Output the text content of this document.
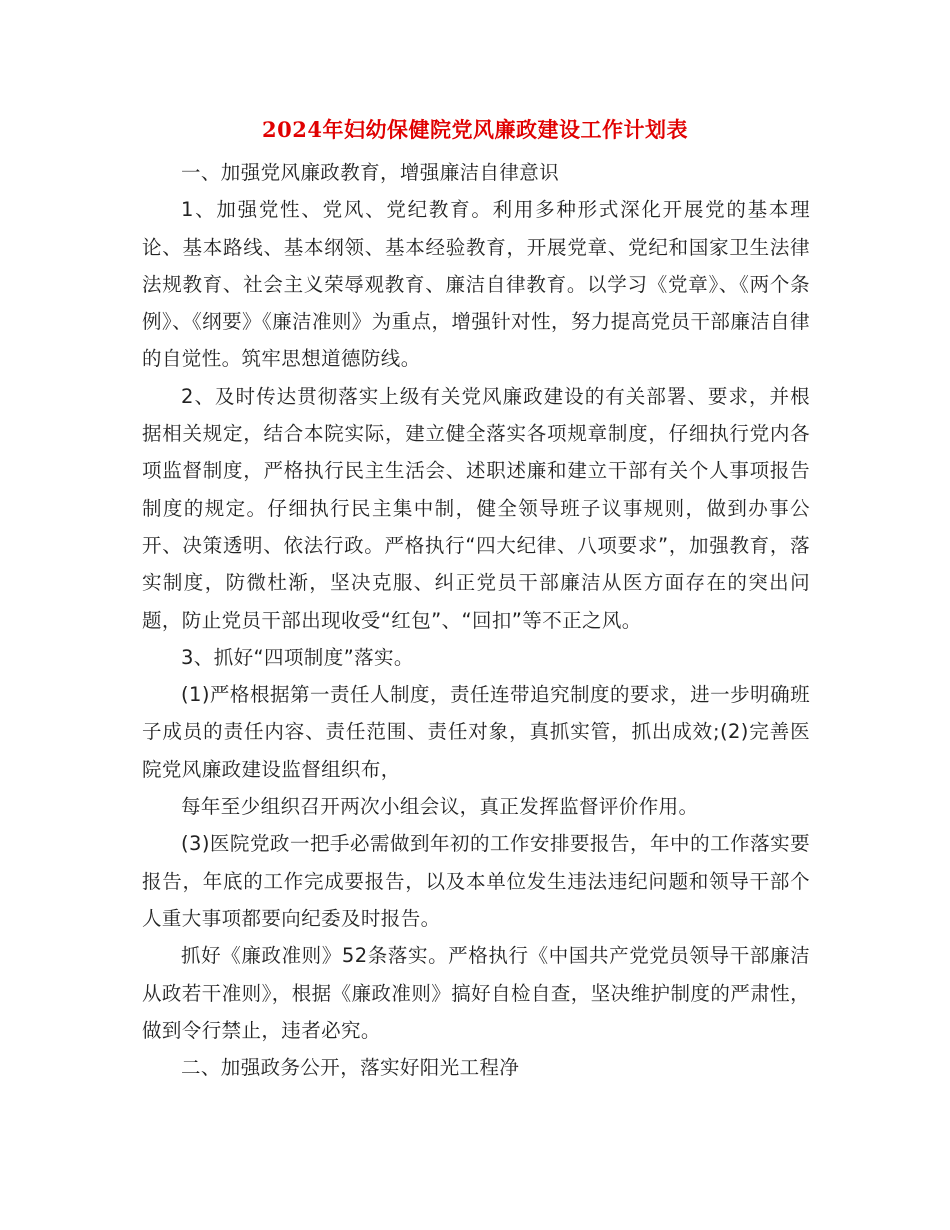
2024年妇幼保健院党风廉政建设工作计划表

一、加强党风廉政教育，增强廉洁自律意识

1、加强党性、党风、党纪教育。利用多种形式深化开展党的基本理论、基本路线、基本纲领、基本经验教育，开展党章、党纪和国家卫生法律法规教育、社会主义荣辱观教育、廉洁自律教育。以学习《党章》、《两个条例》、《纲要》《廉洁准则》为重点，增强针对性，努力提高党员干部廉洁自律的自觉性。筑牢思想道德防线。

2、及时传达贯彻落实上级有关党风廉政建设的有关部署、要求，并根据相关规定，结合本院实际，建立健全落实各项规章制度，仔细执行党内各项监督制度，严格执行民主生活会、述职述廉和建立干部有关个人事项报告制度的规定。仔细执行民主集中制，健全领导班子议事规则，做到办事公开、决策透明、依法行政。严格执行“四大纪律、八项要求”，加强教育，落实制度，防微杜渐，坚决克服、纠正党员干部廉洁从医方面存在的突出问题，防止党员干部出现收受“红包”、“回扣”等不正之风。

3、抓好“四项制度”落实。

(1)严格根据第一责任人制度，责任连带追究制度的要求，进一步明确班子成员的责任内容、责任范围、责任对象，真抓实管，抓出成效;(2)完善医院党风廉政建设监督组织布，

每年至少组织召开两次小组会议，真正发挥监督评价作用。

(3)医院党政一把手必需做到年初的工作安排要报告，年中的工作落实要报告，年底的工作完成要报告，以及本单位发生违法违纪问题和领导干部个人重大事项都要向纪委及时报告。

抓好《廉政准则》52条落实。严格执行《中国共产党党员领导干部廉洁从政若干准则》，根据《廉政准则》搞好自检自查，坚决维护制度的严肃性，做到令行禁止，违者必究。

二、加强政务公开，落实好阳光工程净
